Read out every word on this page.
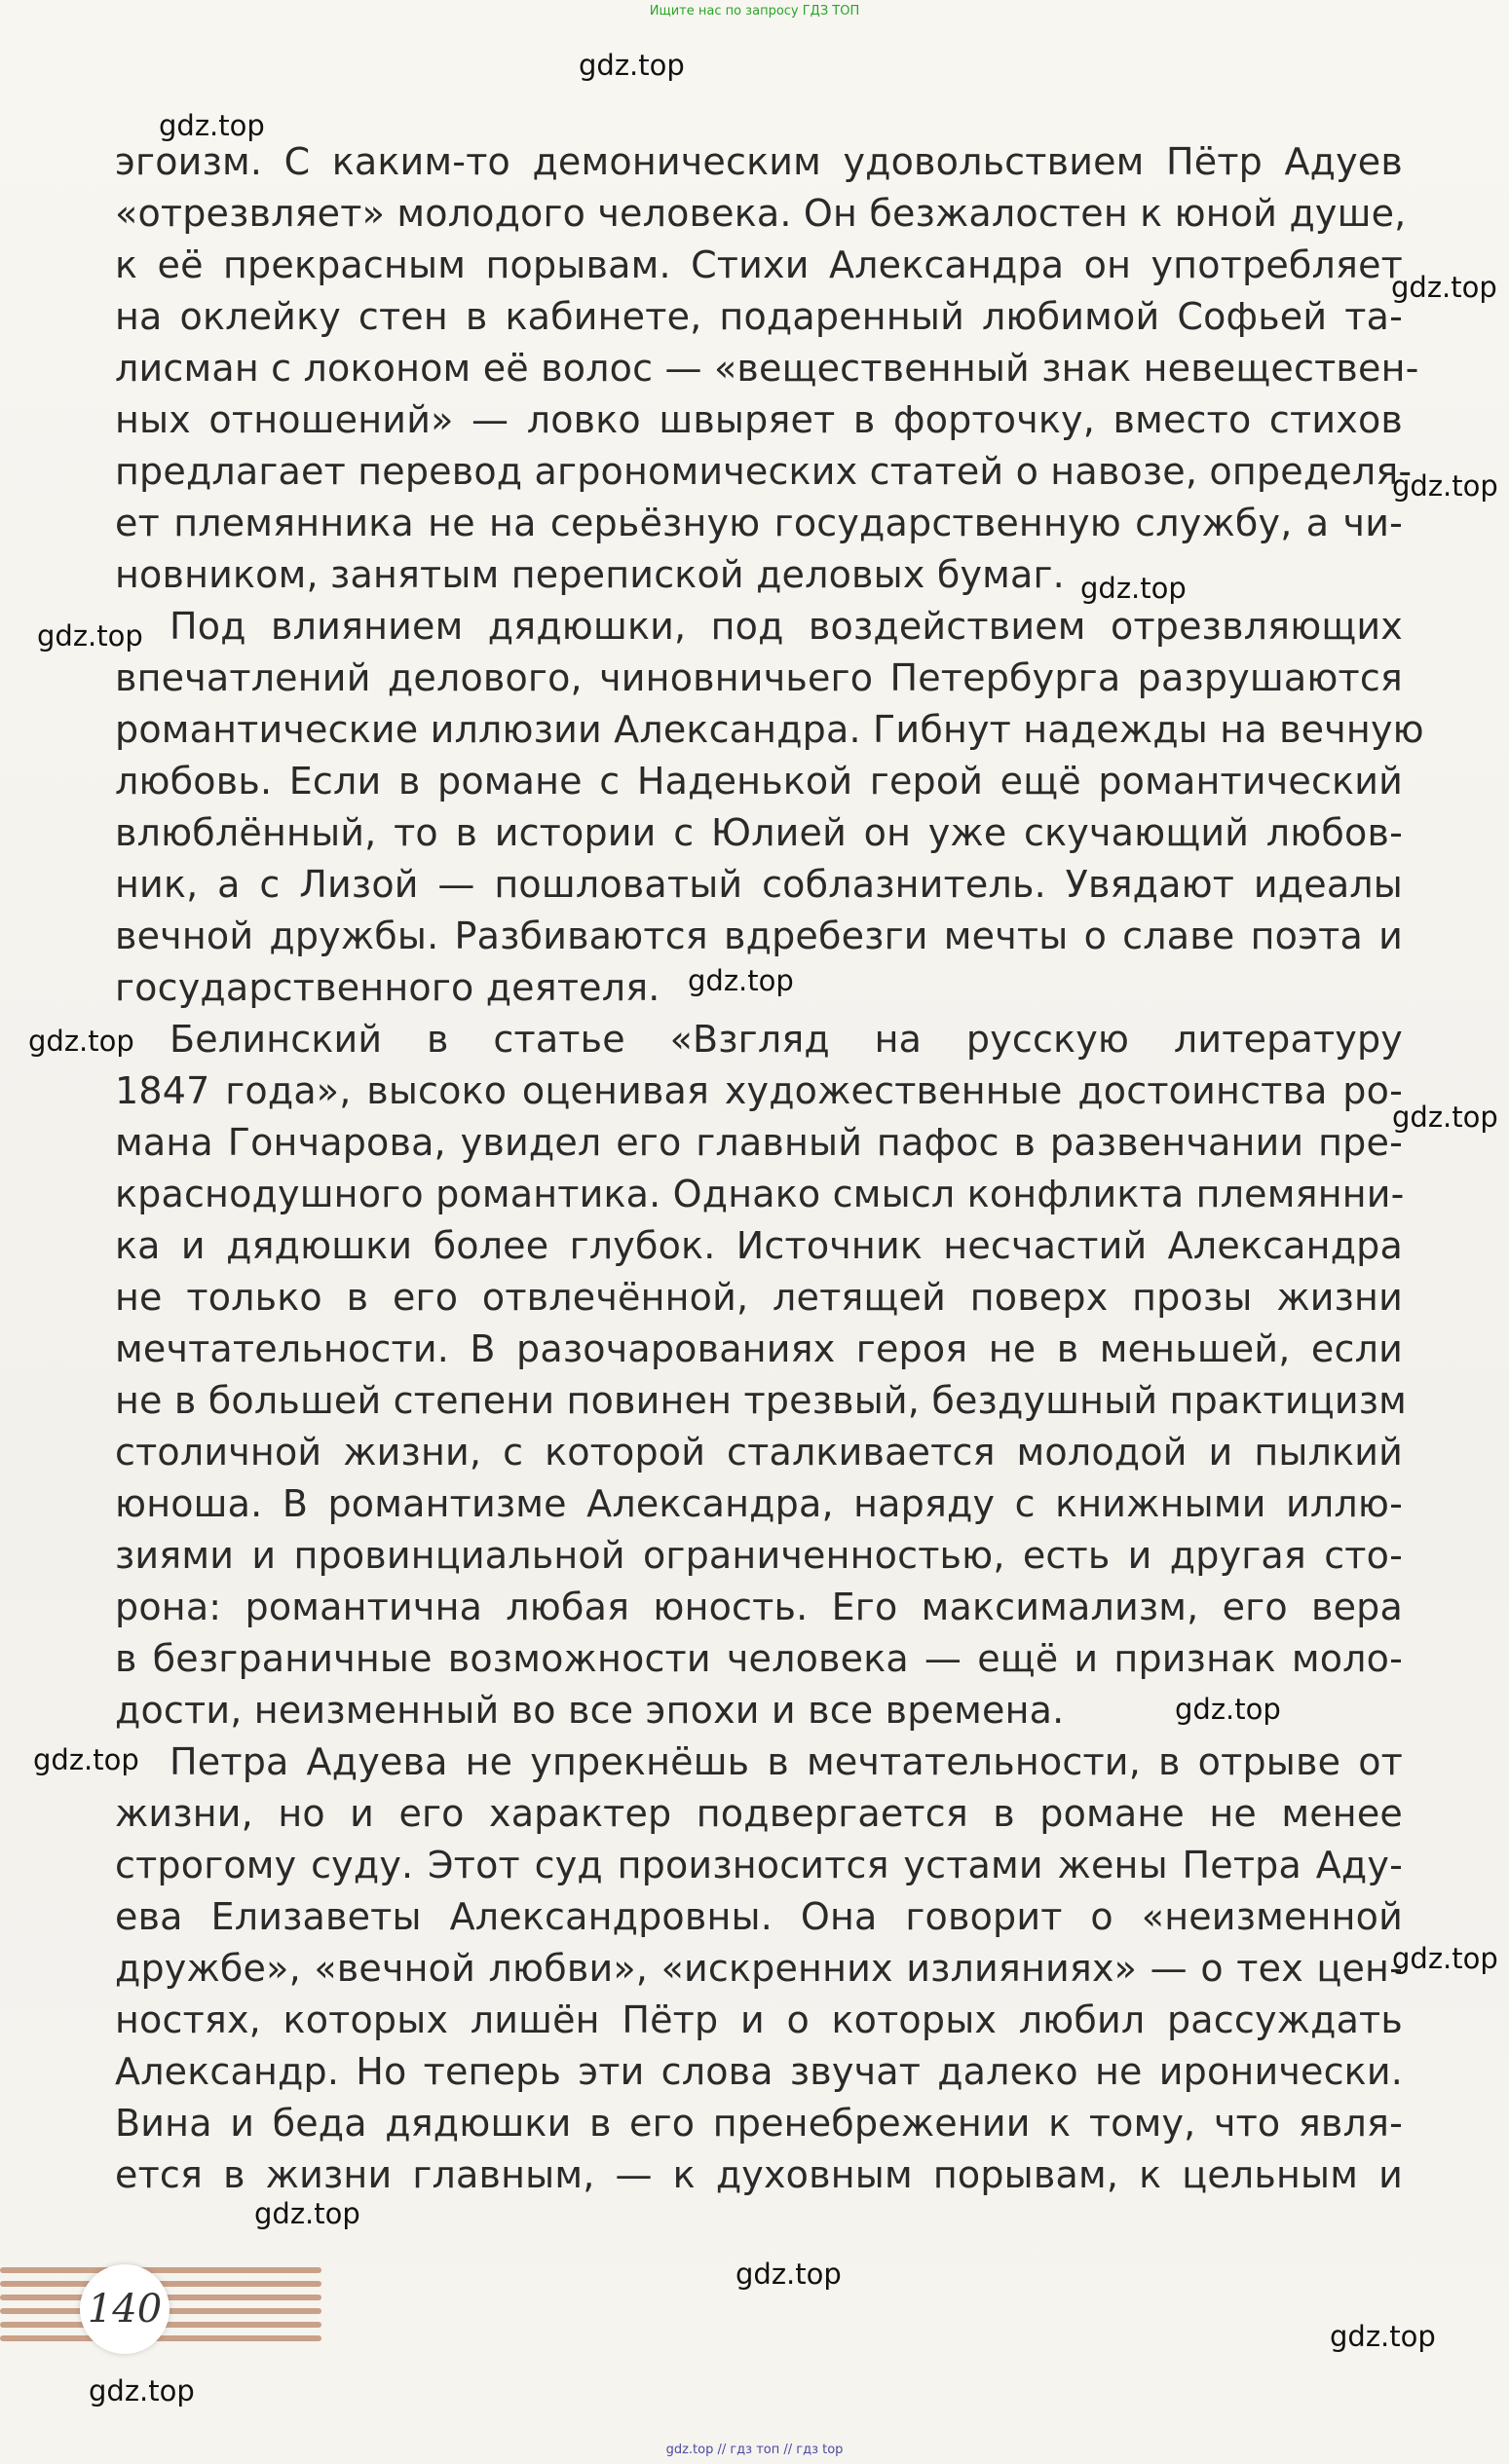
Ищите нас по запросу ГДЗ ТОП
эгоизм. С каким-то демоническим удовольствием Пётр Адуев
«отрезвляет» молодого человека. Он безжалостен к юной душе,
к её прекрасным порывам. Стихи Александра он употребляет
на оклейку стен в кабинете, подаренный любимой Софьей та-
лисман с локоном её волос — «вещественный знак невеществен-
ных отношений» — ловко швыряет в форточку, вместо стихов
предлагает перевод агрономических статей о навозе, определя-
ет племянника не на серьёзную государственную службу, а чи-
новником, занятым перепиской деловых бумаг.
Под влиянием дядюшки, под воздействием отрезвляющих
впечатлений делового, чиновничьего Петербурга разрушаются
романтические иллюзии Александра. Гибнут надежды на вечную
любовь. Если в романе с Наденькой герой ещё романтический
влюблённый, то в истории с Юлией он уже скучающий любов-
ник, а с Лизой — пошловатый соблазнитель. Увядают идеалы
вечной дружбы. Разбиваются вдребезги мечты о славе поэта и
государственного деятеля.
Белинский в статье «Взгляд на русскую литературу
1847 года», высоко оценивая художественные достоинства ро-
мана Гончарова, увидел его главный пафос в развенчании пре-
краснодушного романтика. Однако смысл конфликта племянни-
ка и дядюшки более глубок. Источник несчастий Александра
не только в его отвлечённой, летящей поверх прозы жизни
мечтательности. В разочарованиях героя не в меньшей, если
не в большей степени повинен трезвый, бездушный практицизм
столичной жизни, с которой сталкивается молодой и пылкий
юноша. В романтизме Александра, наряду с книжными иллю-
зиями и провинциальной ограниченностью, есть и другая сто-
рона: романтична любая юность. Его максимализм, его вера
в безграничные возможности человека — ещё и признак моло-
дости, неизменный во все эпохи и все времена.
Петра Адуева не упрекнёшь в мечтательности, в отрыве от
жизни, но и его характер подвергается в романе не менее
строгому суду. Этот суд произносится устами жены Петра Аду-
ева Елизаветы Александровны. Она говорит о «неизменной
дружбе», «вечной любви», «искренних излияниях» — о тех цен-
ностях, которых лишён Пётр и о которых любил рассуждать
Александр. Но теперь эти слова звучат далеко не иронически.
Вина и беда дядюшки в его пренебрежении к тому, что явля-
ется в жизни главным, — к духовным порывам, к цельным и
gdz.top
gdz.top
gdz.top
gdz.top
gdz.top
gdz.top
gdz.top
gdz.top
gdz.top
gdz.top
gdz.top
gdz.top
gdz.top
gdz.top
gdz.top
gdz.top
140
gdz.top // гдз топ // гдз top
